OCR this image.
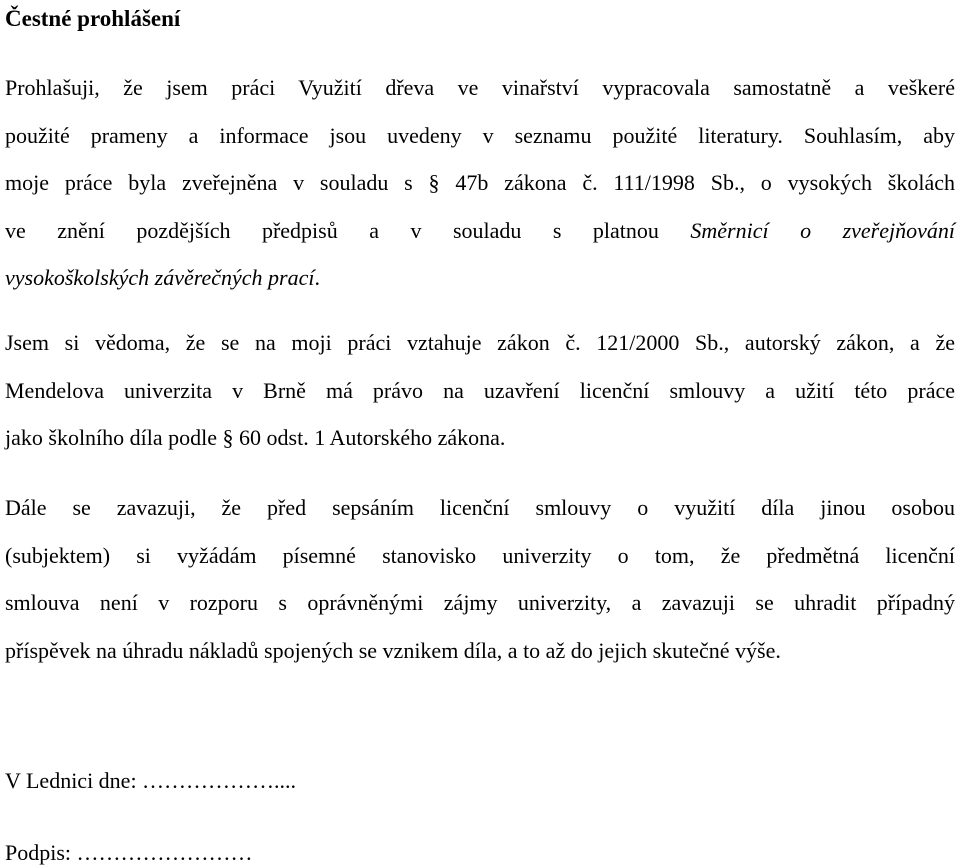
Čestné prohlášení
Prohlašuji, že jsem práci Využití dřeva ve vinařství vypracovala samostatně a veškeré
použité prameny a informace jsou uvedeny v seznamu použité literatury. Souhlasím, aby
moje práce byla zveřejněna v souladu s § 47b zákona č. 111/1998 Sb., o vysokých školách
ve znění pozdějších předpisů a v souladu s platnou Směrnicí o zveřejňování
vysokoškolských závěrečných prací.
Jsem si vědoma, že se na moji práci vztahuje zákon č. 121/2000 Sb., autorský zákon, a že
Mendelova univerzita v Brně má právo na uzavření licenční smlouvy a užití této práce
jako školního díla podle § 60 odst. 1 Autorského zákona.
Dále se zavazuji, že před sepsáním licenční smlouvy o využití díla jinou osobou
(subjektem) si vyžádám písemné stanovisko univerzity o tom, že předmětná licenční
smlouva není v rozporu s oprávněnými zájmy univerzity, a zavazuji se uhradit případný
příspěvek na úhradu nákladů spojených se vznikem díla, a to až do jejich skutečné výše.
V Lednici dne: ………………....
Podpis: ……………………
